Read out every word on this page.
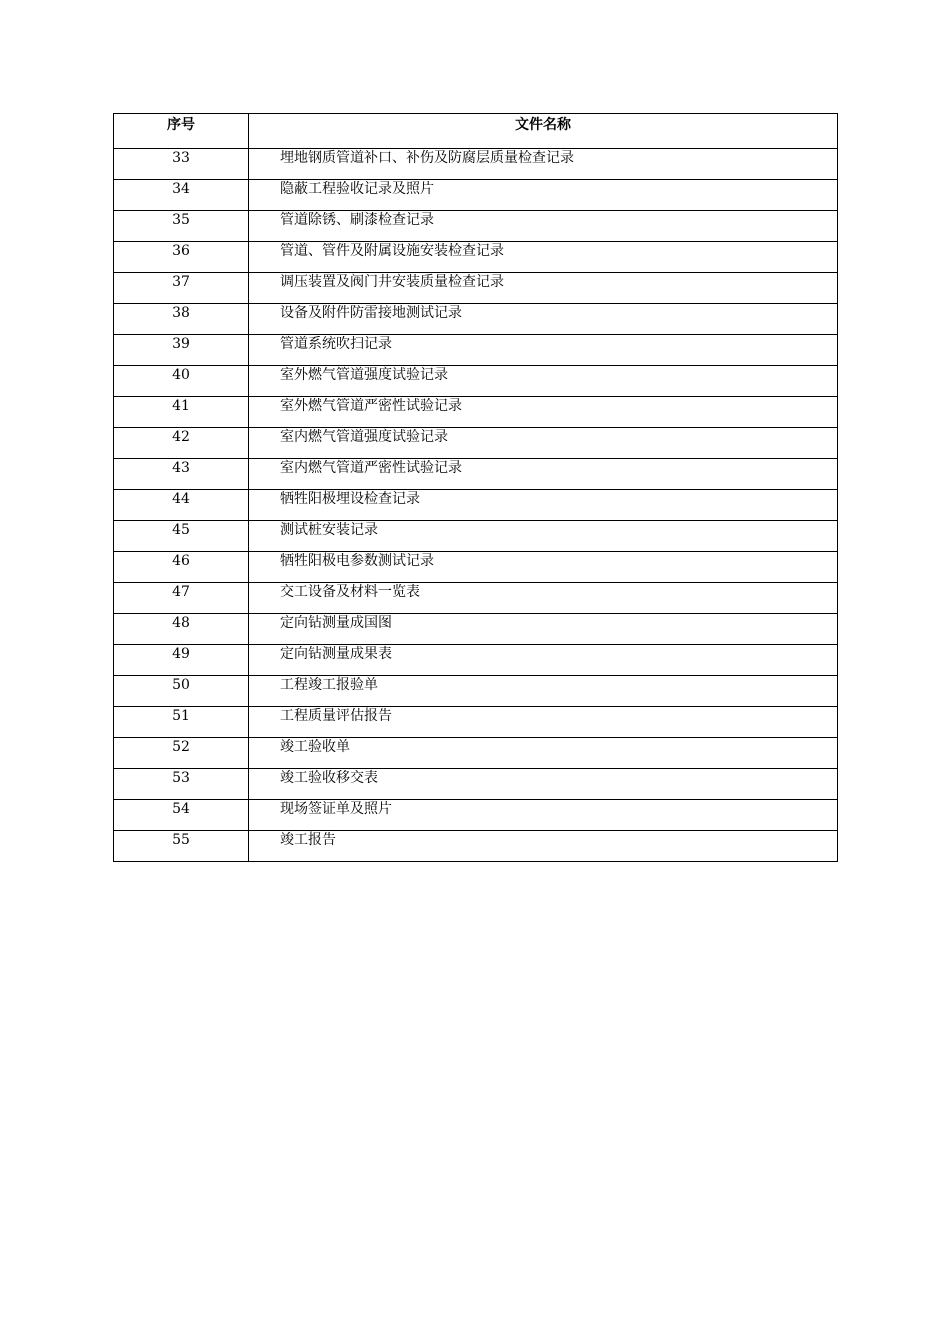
序号	文件名称
33	埋地钢质管道补口、补伤及防腐层质量检查记录
34	隐蔽工程验收记录及照片
35	管道除锈、刷漆检查记录
36	管道、管件及附属设施安装检查记录
37	调压装置及阀门井安装质量检查记录
38	设备及附件防雷接地测试记录
39	管道系统吹扫记录
40	室外燃气管道强度试验记录
41	室外燃气管道严密性试验记录
42	室内燃气管道强度试验记录
43	室内燃气管道严密性试验记录
44	牺牲阳极埋设检查记录
45	测试桩安装记录
46	牺牲阳极电参数测试记录
47	交工设备及材料一览表
48	定向钻测量成国图
49	定向钻测量成果表
50	工程竣工报验单
51	工程质量评估报告
52	竣工验收单
53	竣工验收移交表
54	现场签证单及照片
55	竣工报告
